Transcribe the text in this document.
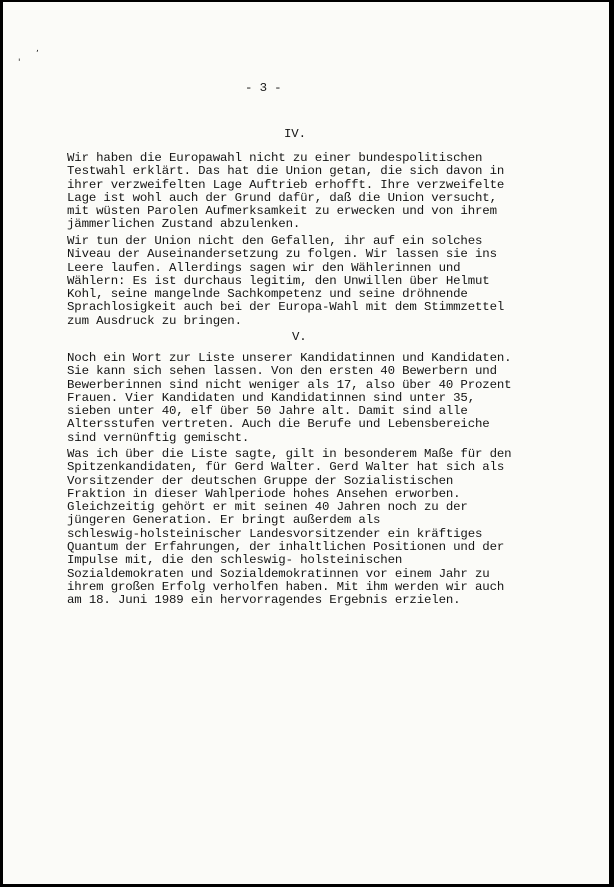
,
'
- 3 -
IV.

Wir haben die Europawahl nicht zu einer bundespolitischen
Testwahl erklärt. Das hat die Union getan, die sich davon in
ihrer verzweifelten Lage Auftrieb erhofft. Ihre verzweifelte
Lage ist wohl auch der Grund dafür, daß die Union versucht,
mit wüsten Parolen Aufmerksamkeit zu erwecken und von ihrem
jämmerlichen Zustand abzulenken.

Wir tun der Union nicht den Gefallen, ihr auf ein solches
Niveau der Auseinandersetzung zu folgen. Wir lassen sie ins
Leere laufen. Allerdings sagen wir den Wählerinnen und
Wählern: Es ist durchaus legitim, den Unwillen über Helmut
Kohl, seine mangelnde Sachkompetenz und seine dröhnende
Sprachlosigkeit auch bei der Europa-Wahl mit dem Stimmzettel
zum Ausdruck zu bringen.

V.

Noch ein Wort zur Liste unserer Kandidatinnen und Kandidaten.
Sie kann sich sehen lassen. Von den ersten 40 Bewerbern und
Bewerberinnen sind nicht weniger als 17, also über 40 Prozent
Frauen. Vier Kandidaten und Kandidatinnen sind unter 35,
sieben unter 40, elf über 50 Jahre alt. Damit sind alle
Altersstufen vertreten. Auch die Berufe und Lebensbereiche
sind vernünftig gemischt.

Was ich über die Liste sagte, gilt in besonderem Maße für den
Spitzenkandidaten, für Gerd Walter. Gerd Walter hat sich als
Vorsitzender der deutschen Gruppe der Sozialistischen
Fraktion in dieser Wahlperiode hohes Ansehen erworben.
Gleichzeitig gehört er mit seinen 40 Jahren noch zu der
jüngeren Generation. Er bringt außerdem als
schleswig-holsteinischer Landesvorsitzender ein kräftiges
Quantum der Erfahrungen, der inhaltlichen Positionen und der
Impulse mit, die den schleswig- holsteinischen
Sozialdemokraten und Sozialdemokratinnen vor einem Jahr zu
ihrem großen Erfolg verholfen haben. Mit ihm werden wir auch
am 18. Juni 1989 ein hervorragendes Ergebnis erzielen.
